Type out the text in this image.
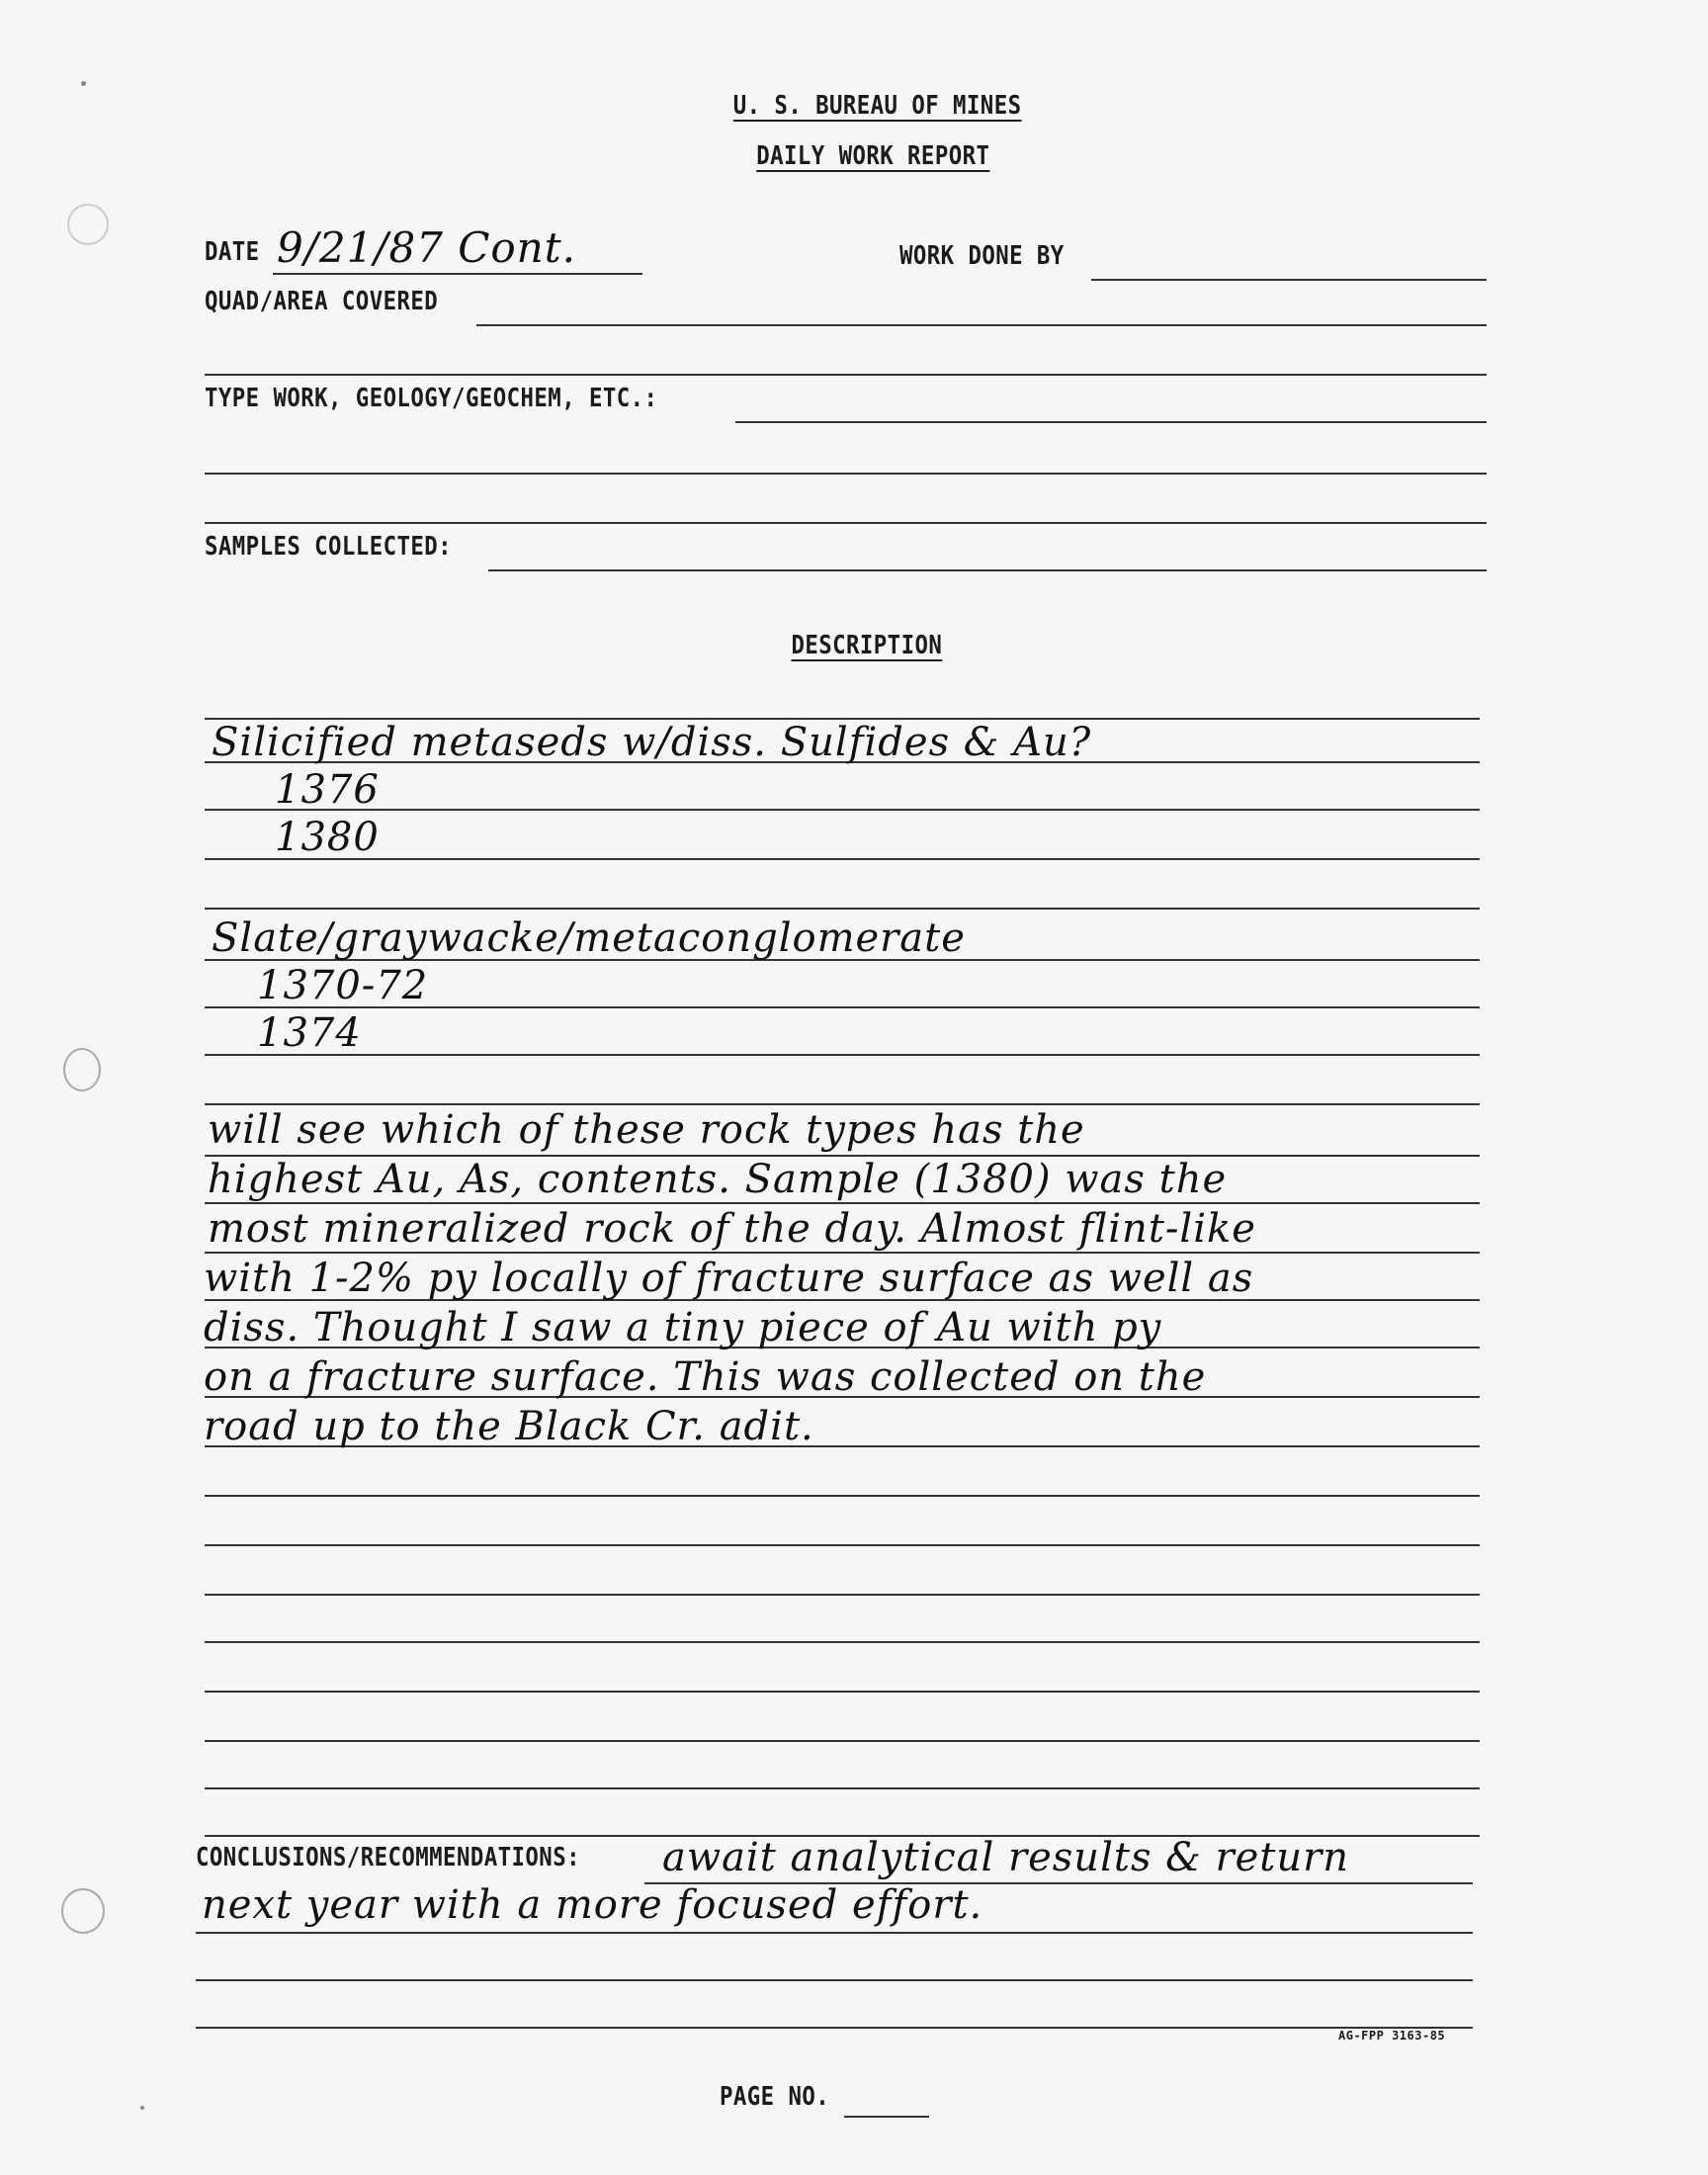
U. S. BUREAU OF MINES
DAILY WORK REPORT
DATE 9/21/87 Cont.	WORK DONE BY
QUAD/AREA COVERED
TYPE WORK, GEOLOGY/GEOCHEM, ETC.:
SAMPLES COLLECTED:
DESCRIPTION
Silicified metaseds w/diss. Sulfides & Au?
1376
1380
Slate/graywacke/metaconglomerate
1370-72
1374
will see which of these rock types has the
highest Au, As, contents. Sample (1380) was the
most mineralized rock of the day. Almost flint-like
with 1-2% py locally of fracture surface as well as
diss. Thought I saw a tiny piece of Au with py
on a fracture surface. This was collected on the
road up to the Black Cr. adit.
CONCLUSIONS/RECOMMENDATIONS: await analytical results & return
next year with a more focused effort.
AG-FPP 3163-85
PAGE NO.
